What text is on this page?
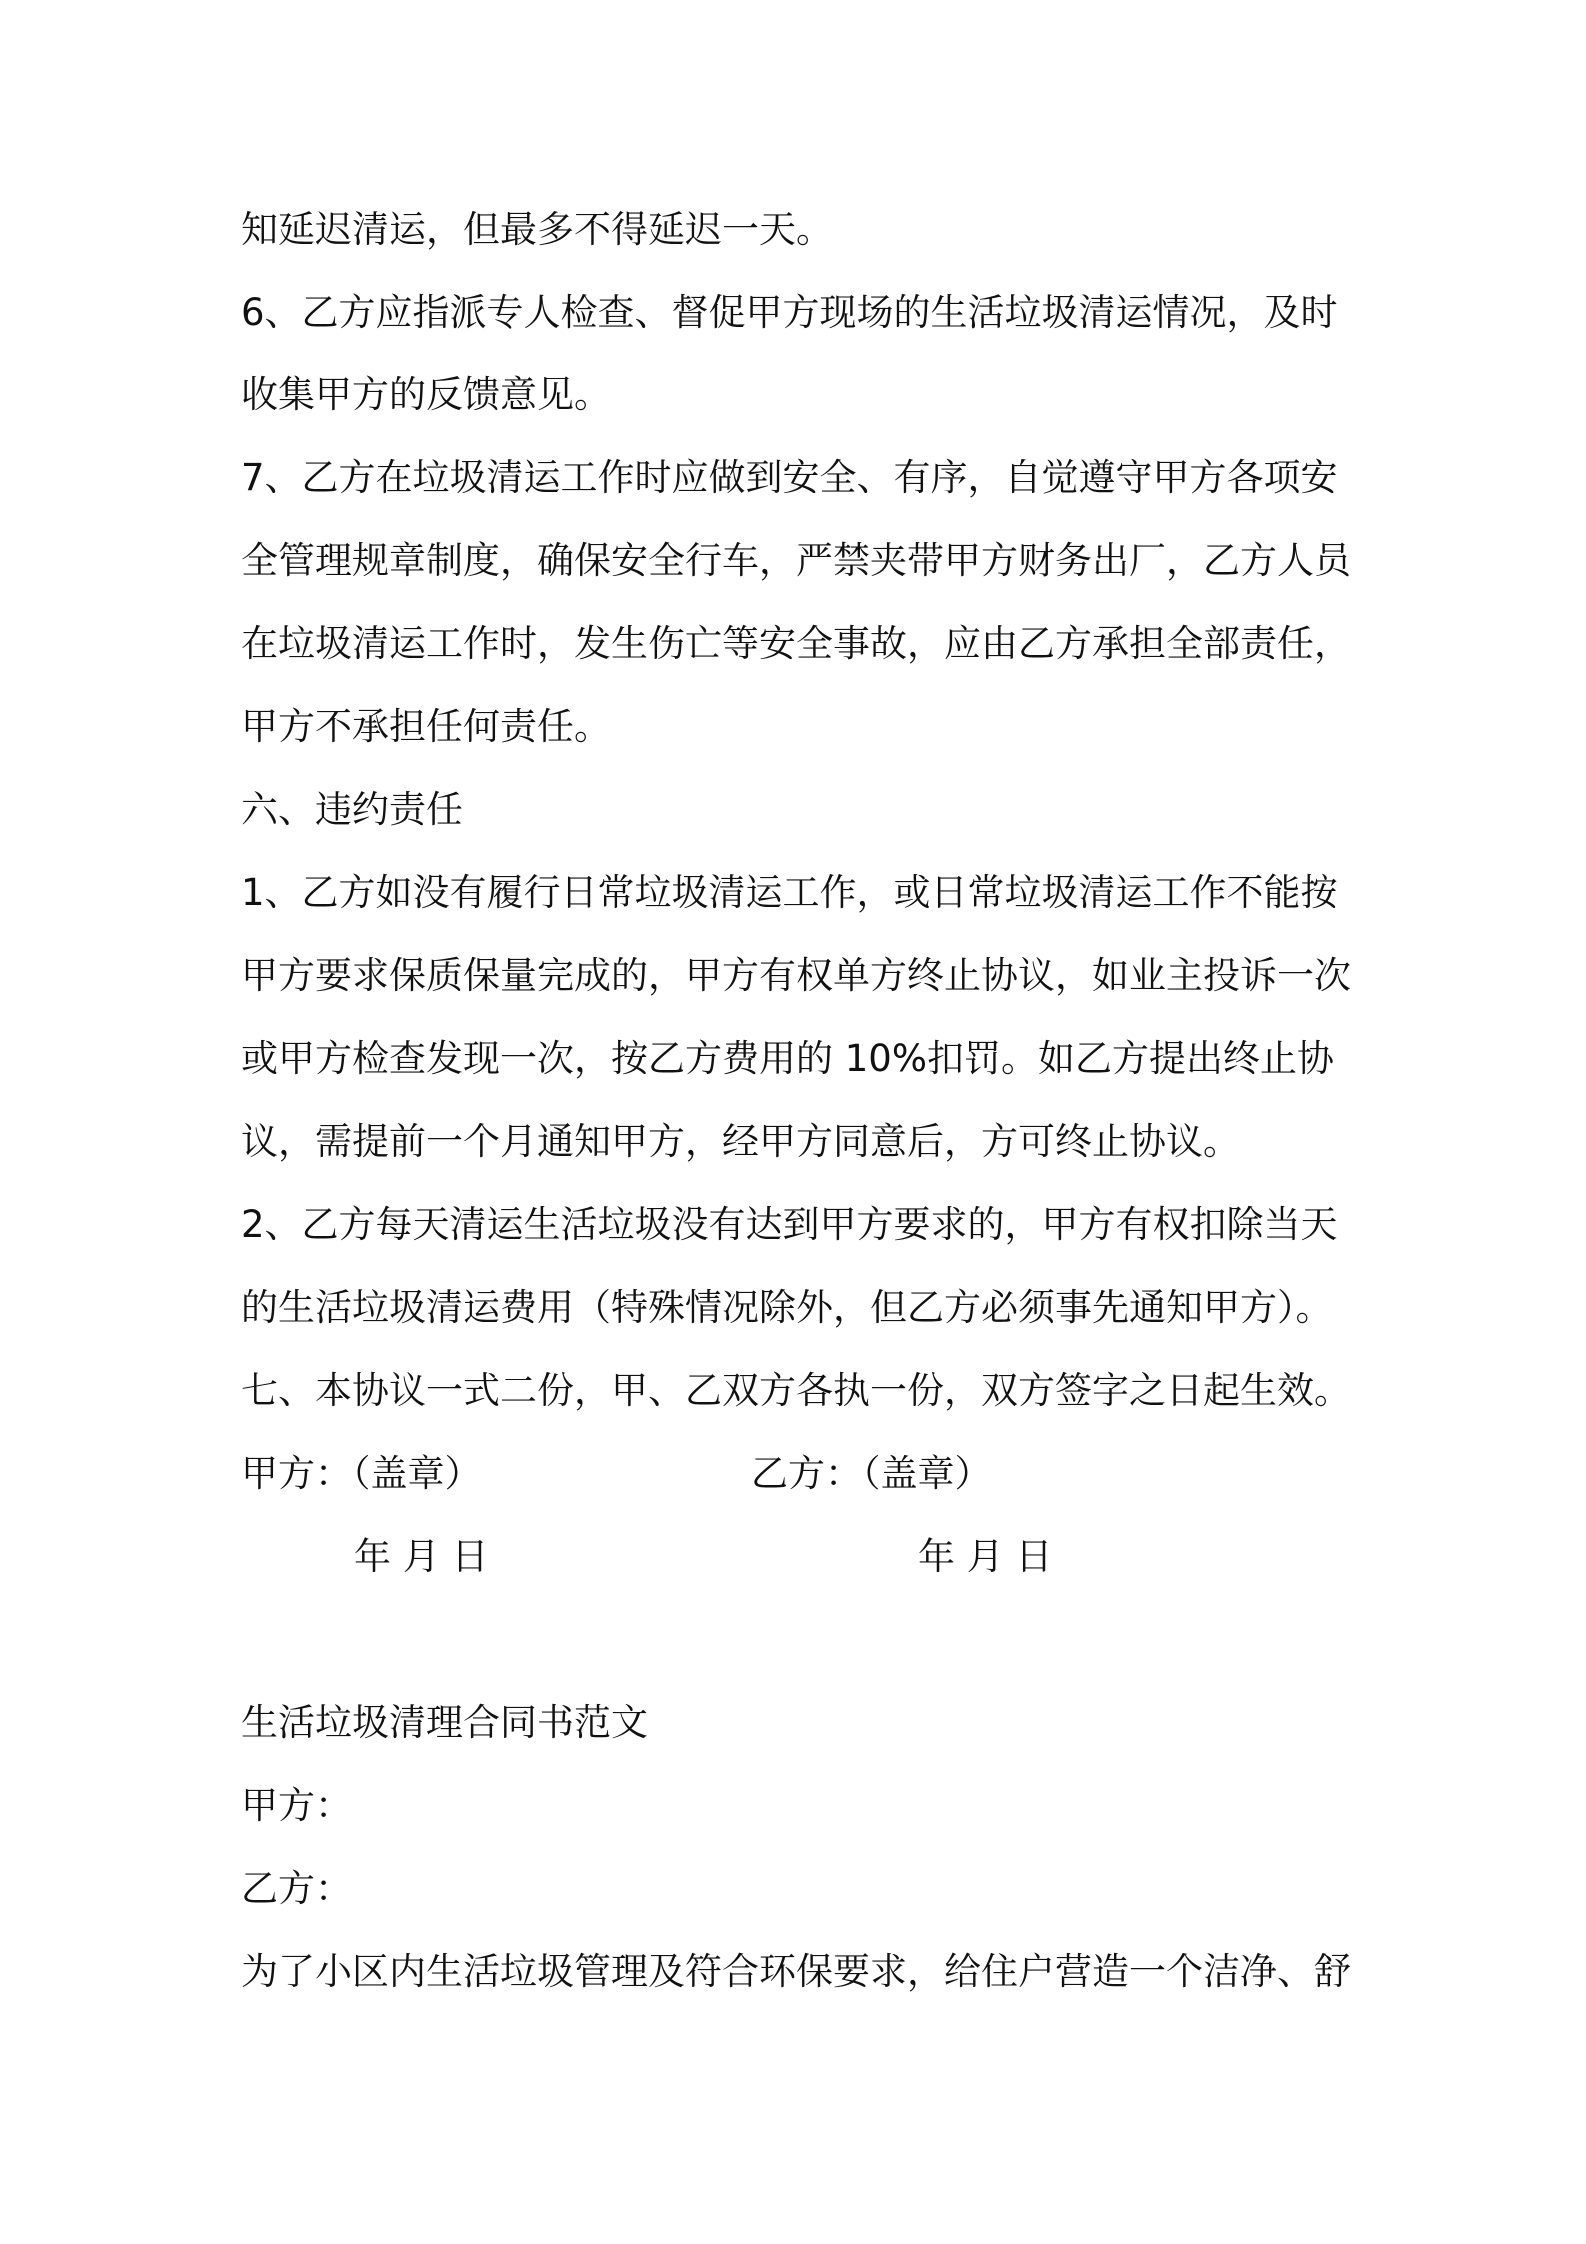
知延迟清运，但最多不得延迟一天。
6、乙方应指派专人检查、督促甲方现场的生活垃圾清运情况，及时
收集甲方的反馈意见。
7、乙方在垃圾清运工作时应做到安全、有序，自觉遵守甲方各项安
全管理规章制度，确保安全行车，严禁夹带甲方财务出厂，乙方人员
在垃圾清运工作时，发生伤亡等安全事故，应由乙方承担全部责任，
甲方不承担任何责任。
六、违约责任
1、乙方如没有履行日常垃圾清运工作，或日常垃圾清运工作不能按
甲方要求保质保量完成的，甲方有权单方终止协议，如业主投诉一次
或甲方检查发现一次，按乙方费用的 10%扣罚。如乙方提出终止协
议，需提前一个月通知甲方，经甲方同意后，方可终止协议。
2、乙方每天清运生活垃圾没有达到甲方要求的，甲方有权扣除当天
的生活垃圾清运费用（特殊情况除外，但乙方必须事先通知甲方）。
七、本协议一式二份，甲、乙双方各执一份，双方签字之日起生效。
甲方：（盖章）	乙方：（盖章）
年 月 日	年 月 日
生活垃圾清理合同书范文
甲方：
乙方：
为了小区内生活垃圾管理及符合环保要求，给住户营造一个洁净、舒
